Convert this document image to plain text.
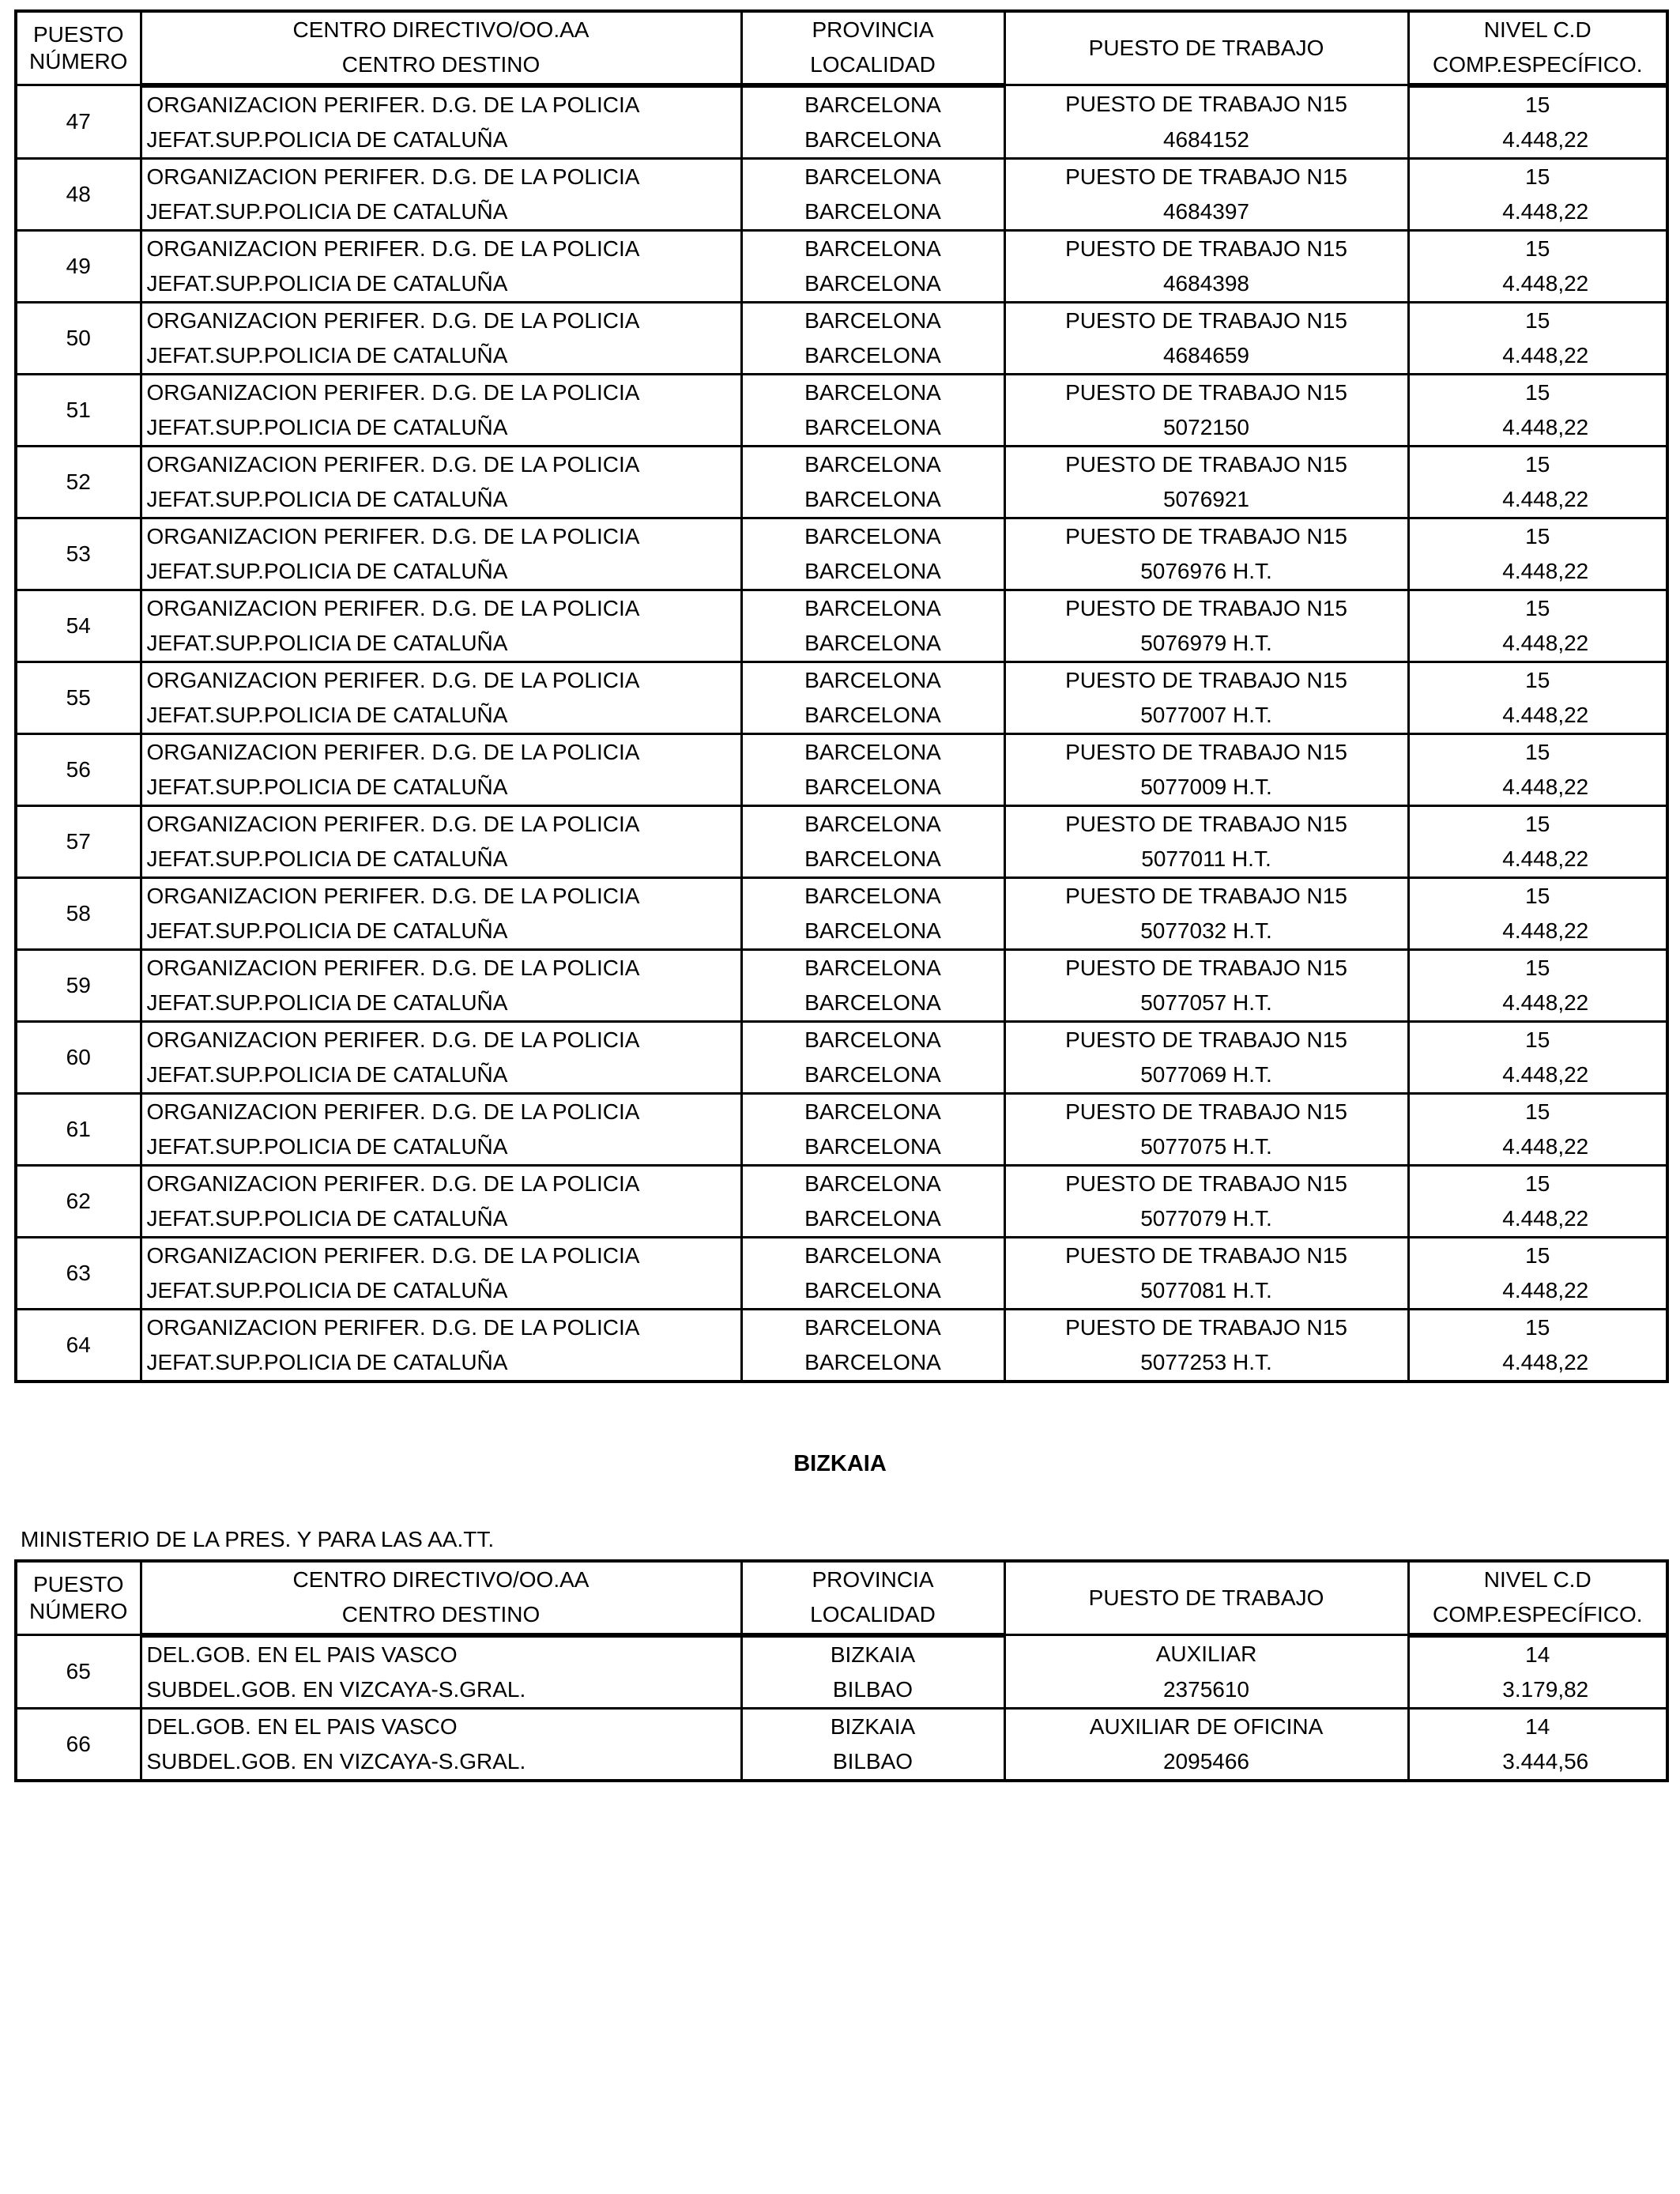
PUESTO
NÚMERO	CENTRO DIRECTIVO/OO.AA	PROVINCIA	PUESTO DE TRABAJO	NIVEL C.D
	CENTRO DESTINO	LOCALIDAD		COMP.ESPECÍFICO.
47	ORGANIZACION PERIFER. D.G. DE LA POLICIA	BARCELONA	PUESTO DE TRABAJO N15	15
	JEFAT.SUP.POLICIA DE CATALUÑA	BARCELONA	4684152	4.448,22
48	ORGANIZACION PERIFER. D.G. DE LA POLICIA	BARCELONA	PUESTO DE TRABAJO N15	15
	JEFAT.SUP.POLICIA DE CATALUÑA	BARCELONA	4684397	4.448,22
49	ORGANIZACION PERIFER. D.G. DE LA POLICIA	BARCELONA	PUESTO DE TRABAJO N15	15
	JEFAT.SUP.POLICIA DE CATALUÑA	BARCELONA	4684398	4.448,22
50	ORGANIZACION PERIFER. D.G. DE LA POLICIA	BARCELONA	PUESTO DE TRABAJO N15	15
	JEFAT.SUP.POLICIA DE CATALUÑA	BARCELONA	4684659	4.448,22
51	ORGANIZACION PERIFER. D.G. DE LA POLICIA	BARCELONA	PUESTO DE TRABAJO N15	15
	JEFAT.SUP.POLICIA DE CATALUÑA	BARCELONA	5072150	4.448,22
52	ORGANIZACION PERIFER. D.G. DE LA POLICIA	BARCELONA	PUESTO DE TRABAJO N15	15
	JEFAT.SUP.POLICIA DE CATALUÑA	BARCELONA	5076921	4.448,22
53	ORGANIZACION PERIFER. D.G. DE LA POLICIA	BARCELONA	PUESTO DE TRABAJO N15	15
	JEFAT.SUP.POLICIA DE CATALUÑA	BARCELONA	5076976 H.T.	4.448,22
54	ORGANIZACION PERIFER. D.G. DE LA POLICIA	BARCELONA	PUESTO DE TRABAJO N15	15
	JEFAT.SUP.POLICIA DE CATALUÑA	BARCELONA	5076979 H.T.	4.448,22
55	ORGANIZACION PERIFER. D.G. DE LA POLICIA	BARCELONA	PUESTO DE TRABAJO N15	15
	JEFAT.SUP.POLICIA DE CATALUÑA	BARCELONA	5077007 H.T.	4.448,22
56	ORGANIZACION PERIFER. D.G. DE LA POLICIA	BARCELONA	PUESTO DE TRABAJO N15	15
	JEFAT.SUP.POLICIA DE CATALUÑA	BARCELONA	5077009 H.T.	4.448,22
57	ORGANIZACION PERIFER. D.G. DE LA POLICIA	BARCELONA	PUESTO DE TRABAJO N15	15
	JEFAT.SUP.POLICIA DE CATALUÑA	BARCELONA	5077011 H.T.	4.448,22
58	ORGANIZACION PERIFER. D.G. DE LA POLICIA	BARCELONA	PUESTO DE TRABAJO N15	15
	JEFAT.SUP.POLICIA DE CATALUÑA	BARCELONA	5077032 H.T.	4.448,22
59	ORGANIZACION PERIFER. D.G. DE LA POLICIA	BARCELONA	PUESTO DE TRABAJO N15	15
	JEFAT.SUP.POLICIA DE CATALUÑA	BARCELONA	5077057 H.T.	4.448,22
60	ORGANIZACION PERIFER. D.G. DE LA POLICIA	BARCELONA	PUESTO DE TRABAJO N15	15
	JEFAT.SUP.POLICIA DE CATALUÑA	BARCELONA	5077069 H.T.	4.448,22
61	ORGANIZACION PERIFER. D.G. DE LA POLICIA	BARCELONA	PUESTO DE TRABAJO N15	15
	JEFAT.SUP.POLICIA DE CATALUÑA	BARCELONA	5077075 H.T.	4.448,22
62	ORGANIZACION PERIFER. D.G. DE LA POLICIA	BARCELONA	PUESTO DE TRABAJO N15	15
	JEFAT.SUP.POLICIA DE CATALUÑA	BARCELONA	5077079 H.T.	4.448,22
63	ORGANIZACION PERIFER. D.G. DE LA POLICIA	BARCELONA	PUESTO DE TRABAJO N15	15
	JEFAT.SUP.POLICIA DE CATALUÑA	BARCELONA	5077081 H.T.	4.448,22
64	ORGANIZACION PERIFER. D.G. DE LA POLICIA	BARCELONA	PUESTO DE TRABAJO N15	15
	JEFAT.SUP.POLICIA DE CATALUÑA	BARCELONA	5077253 H.T.	4.448,22
BIZKAIA
MINISTERIO DE LA PRES. Y PARA LAS AA.TT.
PUESTO
NÚMERO	CENTRO DIRECTIVO/OO.AA	PROVINCIA	PUESTO DE TRABAJO	NIVEL C.D
	CENTRO DESTINO	LOCALIDAD		COMP.ESPECÍFICO.
65	DEL.GOB. EN EL PAIS VASCO	BIZKAIA	AUXILIAR	14
	SUBDEL.GOB. EN VIZCAYA-S.GRAL.	BILBAO	2375610	3.179,82
66	DEL.GOB. EN EL PAIS VASCO	BIZKAIA	AUXILIAR DE OFICINA	14
	SUBDEL.GOB. EN VIZCAYA-S.GRAL.	BILBAO	2095466	3.444,56
